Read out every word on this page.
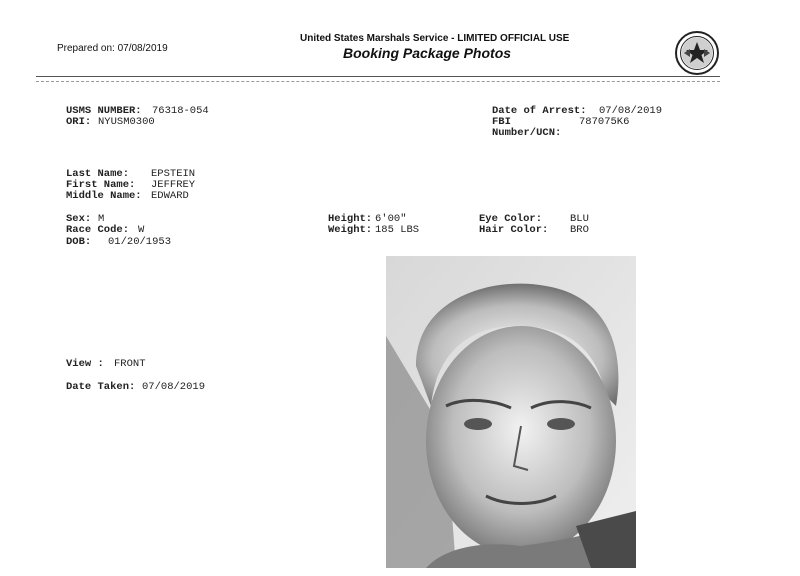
Prepared on: 07/08/2019
United States Marshals Service - LIMITED OFFICIAL USE
Booking Package Photos
USMS NUMBER: 76318-054
ORI: NYUSM0300
Date of Arrest: 07/08/2019
FBI	787075K6
Number/UCN:
Last Name: EPSTEIN
First Name: JEFFREY
Middle Name: EDWARD
Sex: M
Race Code: W
DOB: 01/20/1953
Height: 6'00"
Weight: 185 LBS
Eye Color:	BLU
Hair Color: BRO
View : FRONT
Date Taken: 07/08/2019
